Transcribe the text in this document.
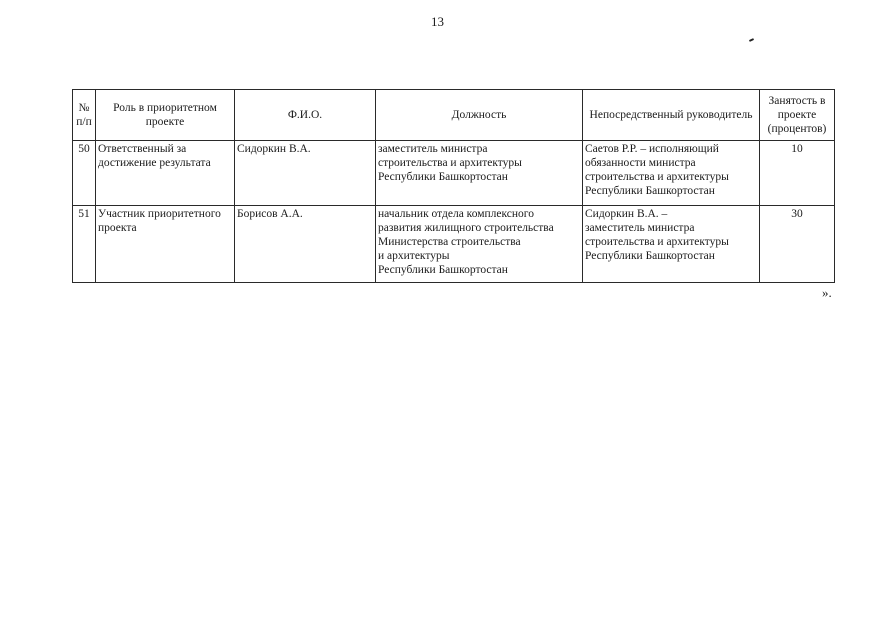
13
№
п/п	Роль в приоритетном проекте	Ф.И.О.	Должность	Непосредственный руководитель	Занятость в проекте (процентов)
50	Ответственный за достижение результата	Сидоркин В.А.	заместитель министра
строительства и архитектуры
Республики Башкортостан	Саетов Р.Р. – исполняющий
обязанности министра
строительства и архитектуры
Республики Башкортостан	10
51	Участник приоритетного проекта	Борисов А.А.	начальник отдела комплексного
развития жилищного строительства
Министерства строительства
и архитектуры
Республики Башкортостан	Сидоркин В.А. –
заместитель министра
строительства и архитектуры
Республики Башкортостан	30
».
